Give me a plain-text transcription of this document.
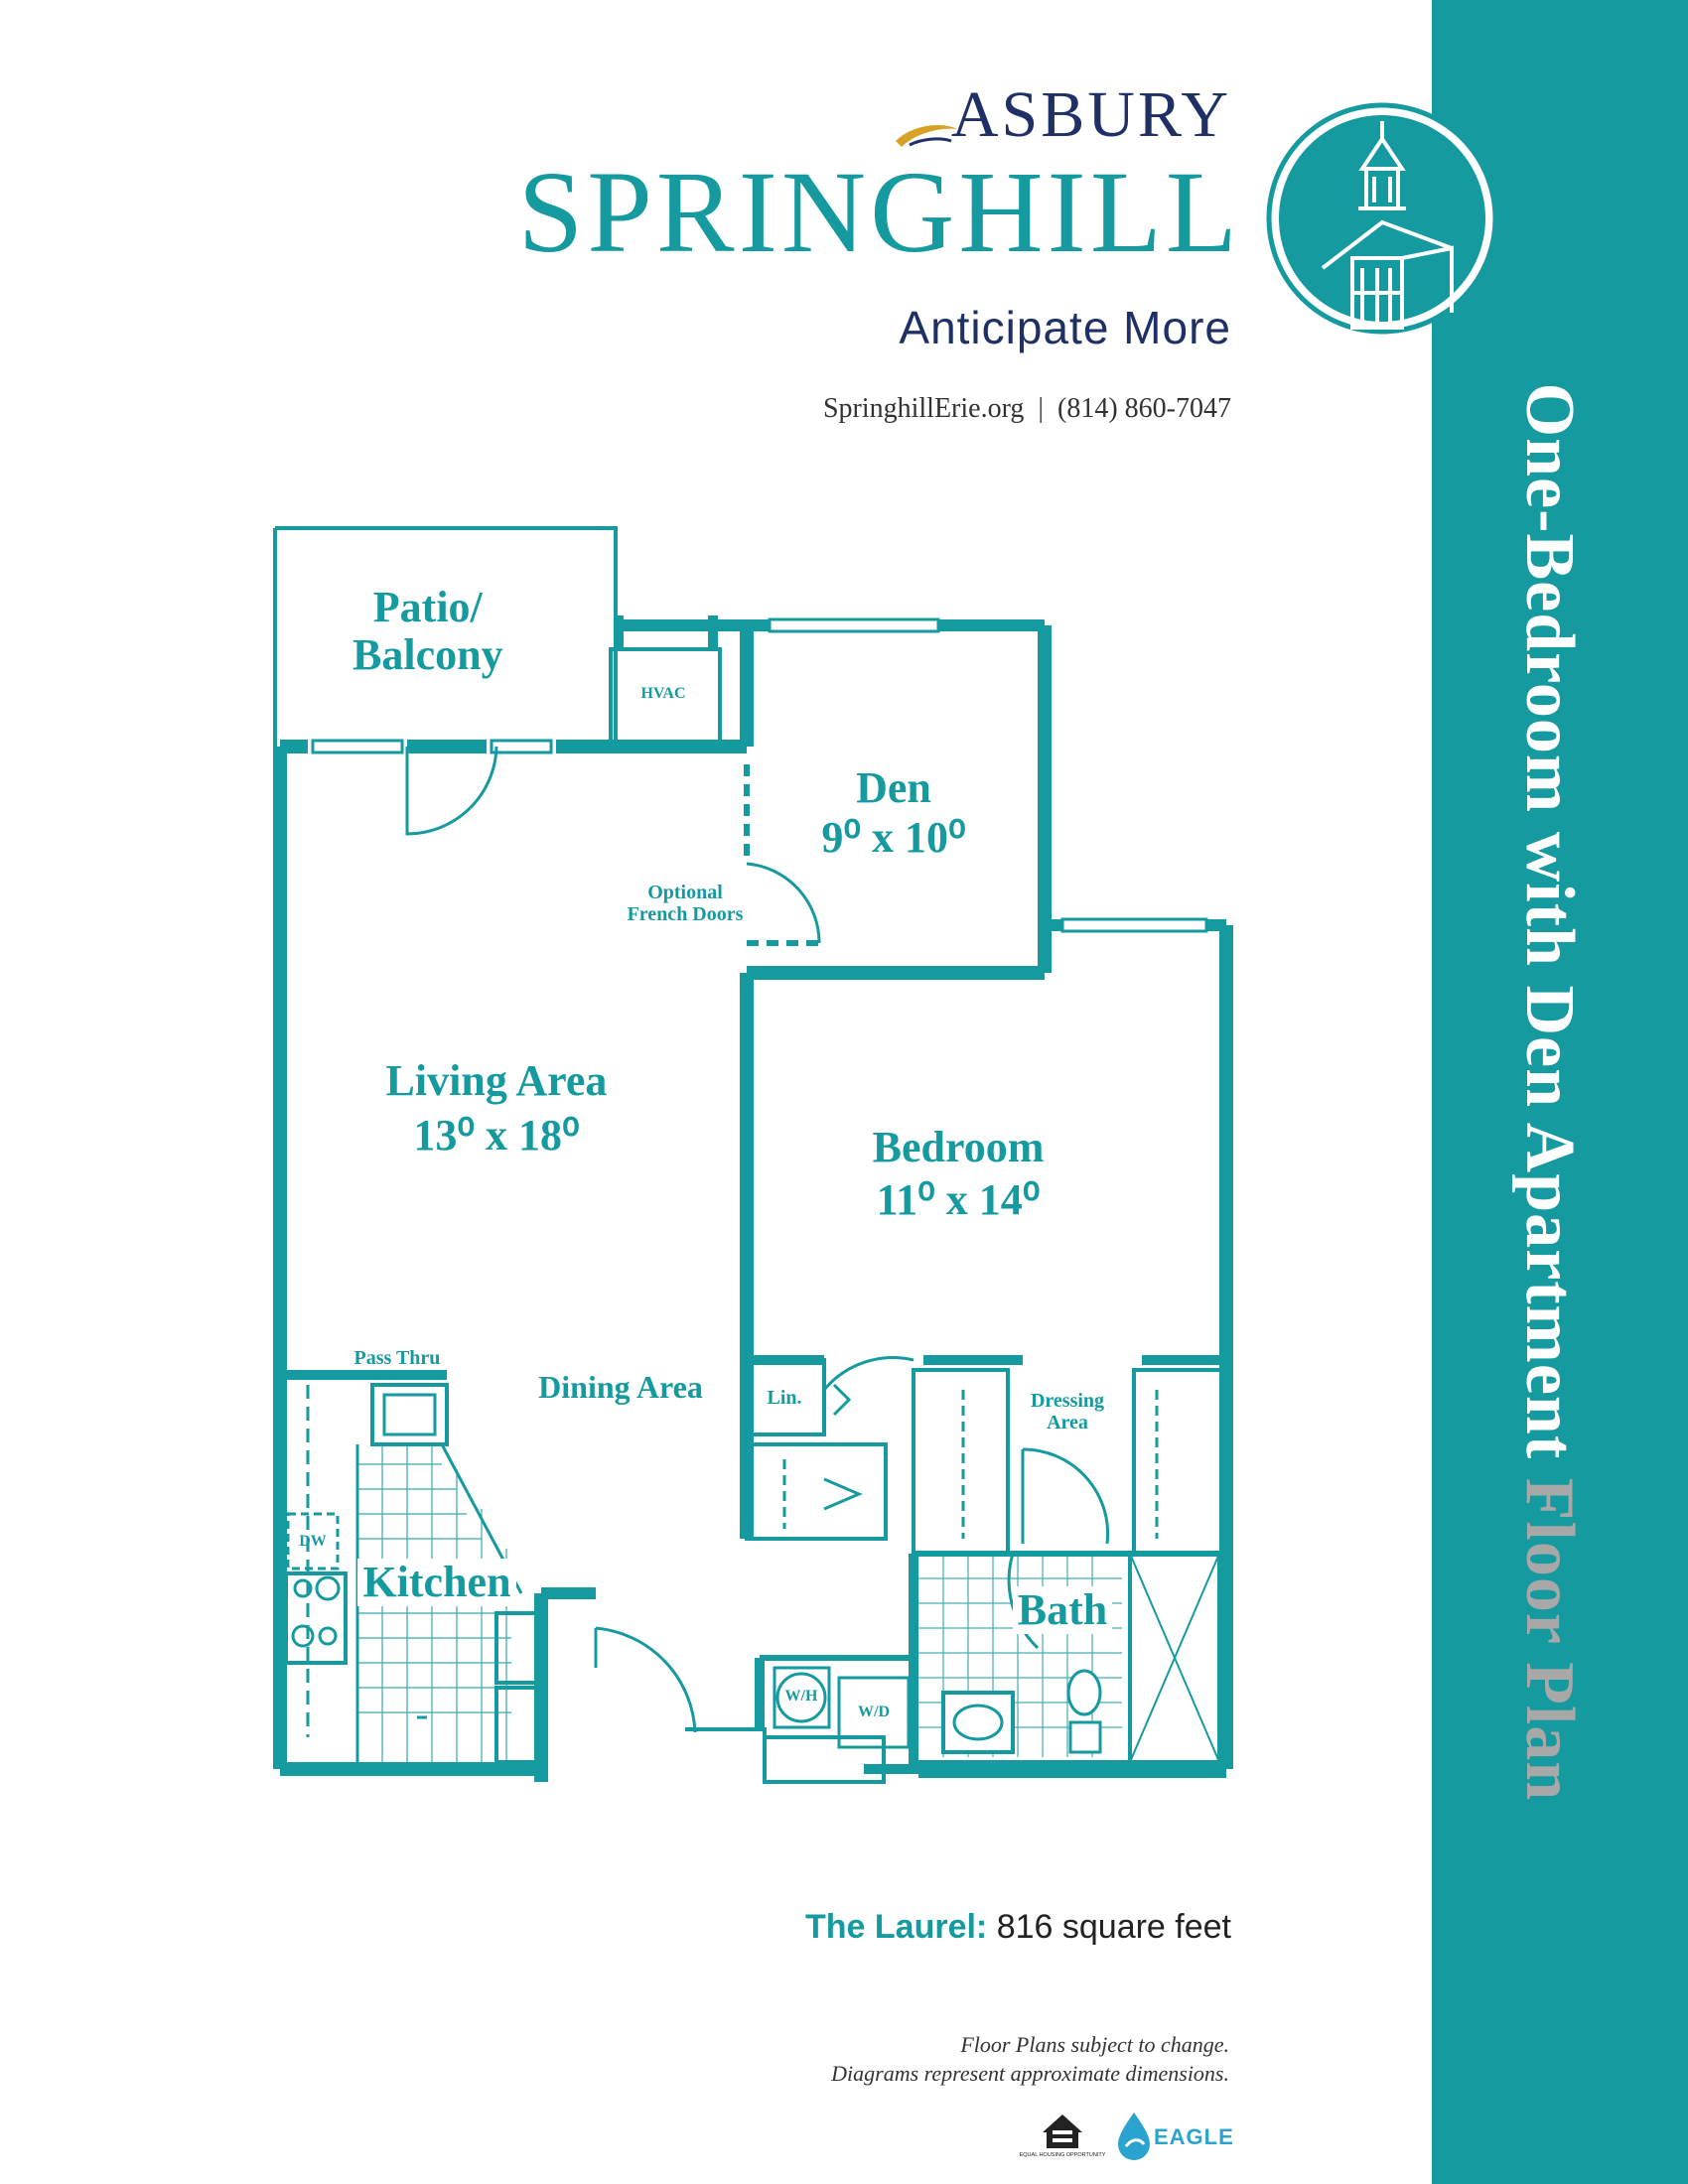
One-Bedroom with Den Apartment Floor Plan
ASBURY
SPRINGHILL
Anticipate More
SpringhillErie.org | (814) 860-7047
Patio/
Balcony
HVAC
Den
9⁰ x 10⁰
Optional
French Doors
Living Area
13⁰ x 18⁰	Bedroom
11⁰ x 14⁰
Pass Thru
Dining Area	Lin.	Dressing
Area
DW
Kitchen
Bath
W/H
W/D
The Laurel: 816 square feet
Floor Plans subject to change.
Diagrams represent approximate dimensions.
EQUAL HOUSING OPPORTUNITY
EAGLE
